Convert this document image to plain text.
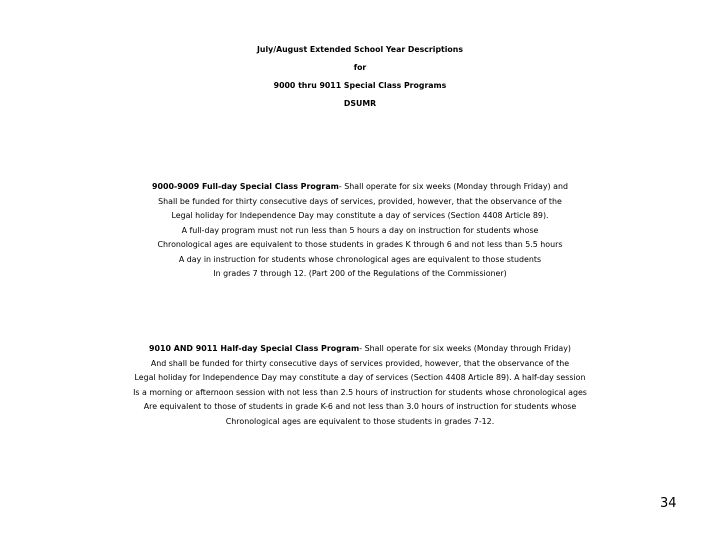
July/August Extended School Year Descriptions
for
9000 thru 9011 Special Class Programs
DSUMR
9000-9009 Full-day Special Class Program- Shall operate for six weeks (Monday through Friday) and
Shall be funded for thirty consecutive days of services, provided, however, that the observance of the
Legal holiday for Independence Day may constitute a day of services (Section 4408 Article 89).
A full-day program must not run less than 5 hours a day on instruction for students whose
Chronological ages are equivalent to those students in grades K through 6 and not less than 5.5 hours
A day in instruction for students whose chronological ages are equivalent to those students
In grades 7 through 12. (Part 200 of the Regulations of the Commissioner)
9010 AND 9011 Half-day Special Class Program- Shall operate for six weeks (Monday through Friday)
And shall be funded for thirty consecutive days of services provided, however, that the observance of the
Legal holiday for Independence Day may constitute a day of services (Section 4408 Article 89). A half-day session
Is a morning or afternoon session with not less than 2.5 hours of instruction for students whose chronological ages
Are equivalent to those of students in grade K-6 and not less than 3.0 hours of instruction for students whose
Chronological ages are equivalent to those students in grades 7-12.
34
